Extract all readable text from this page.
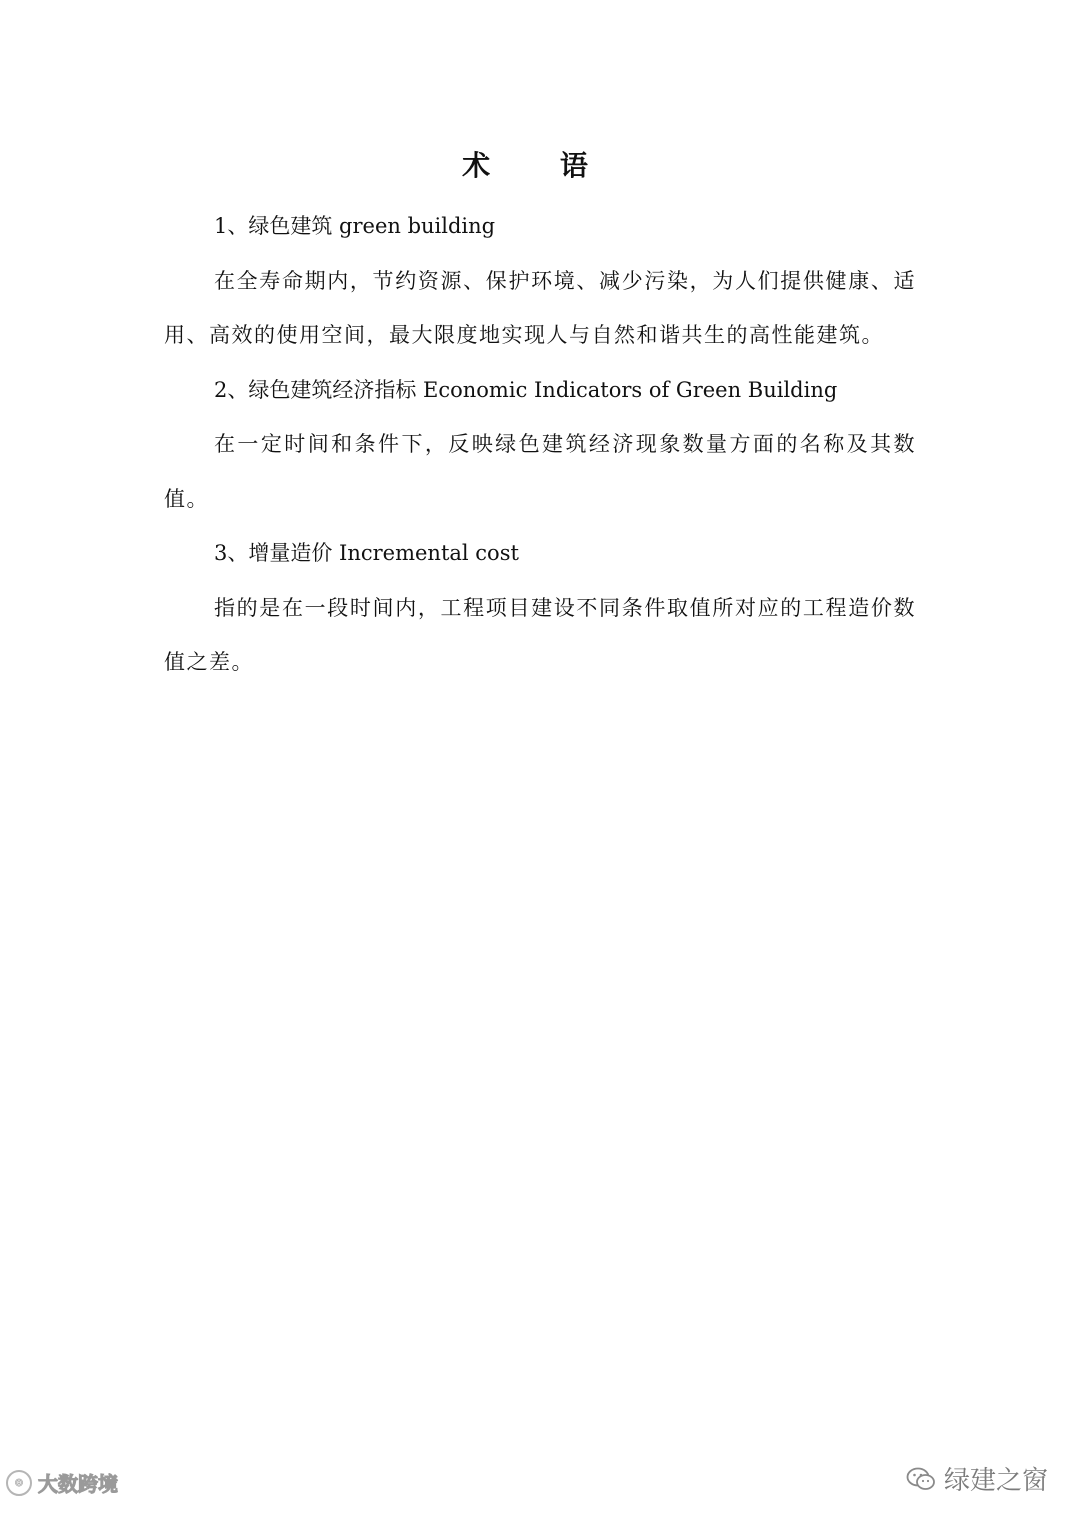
术 语

1、绿色建筑 green building

在全寿命期内，节约资源、保护环境、减少污染，为人们提供健康、适用、高效的使用空间，最大限度地实现人与自然和谐共生的高性能建筑。

2、绿色建筑经济指标 Economic Indicators of Green Building

在一定时间和条件下，反映绿色建筑经济现象数量方面的名称及其数值。

3、增量造价 Incremental cost

指的是在一段时间内，工程项目建设不同条件取值所对应的工程造价数值之差。

⊙ 大数跨境	绿建之窗
